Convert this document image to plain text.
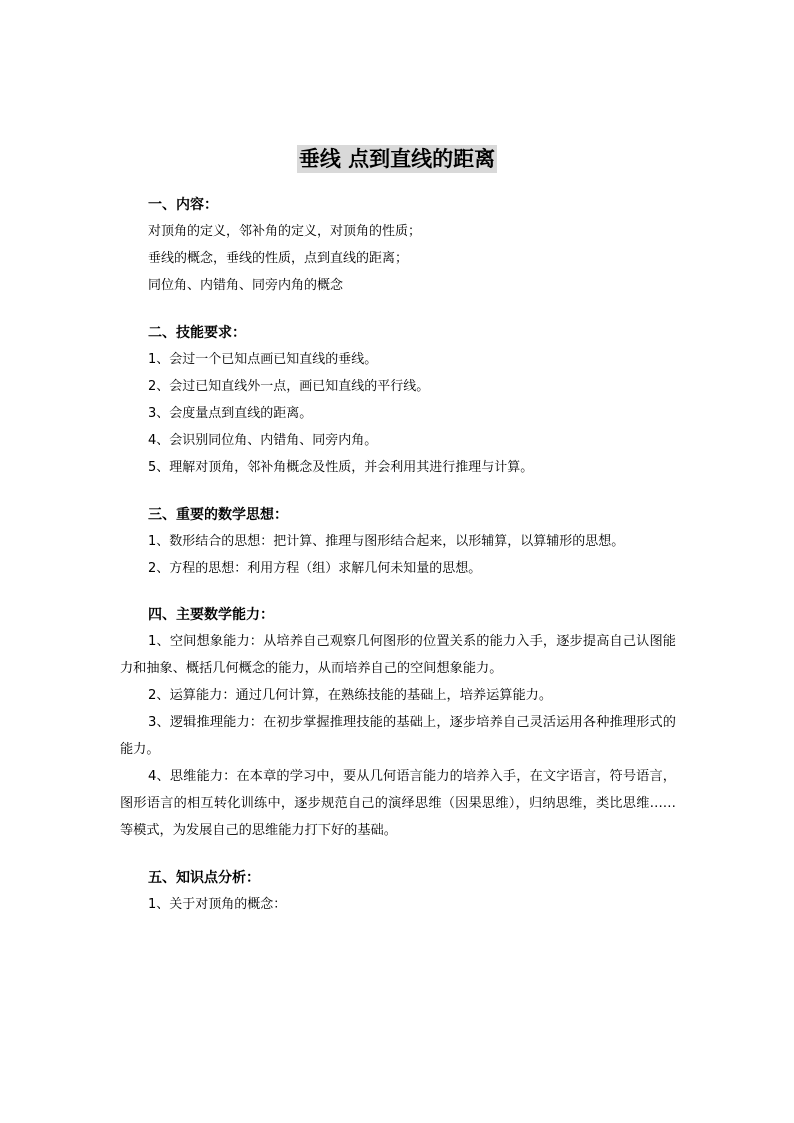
垂线 点到直线的距离

一、内容：

对顶角的定义，邻补角的定义，对顶角的性质；

垂线的概念，垂线的性质，点到直线的距离；

同位角、内错角、同旁内角的概念

二、技能要求：

1、会过一个已知点画已知直线的垂线。

2、会过已知直线外一点，画已知直线的平行线。

3、会度量点到直线的距离。

4、会识别同位角、内错角、同旁内角。

5、理解对顶角，邻补角概念及性质，并会利用其进行推理与计算。

三、重要的数学思想：

1、数形结合的思想：把计算、推理与图形结合起来，以形辅算，以算辅形的思想。

2、方程的思想：利用方程（组）求解几何未知量的思想。

四、主要数学能力：

1、空间想象能力：从培养自己观察几何图形的位置关系的能力入手，逐步提高自己认图能力和抽象、概括几何概念的能力，从而培养自己的空间想象能力。

2、运算能力：通过几何计算，在熟练技能的基础上，培养运算能力。

3、逻辑推理能力：在初步掌握推理技能的基础上，逐步培养自己灵活运用各种推理形式的能力。

4、思维能力：在本章的学习中，要从几何语言能力的培养入手，在文字语言，符号语言，图形语言的相互转化训练中，逐步规范自己的演绎思维（因果思维），归纳思维，类比思维……等模式，为发展自己的思维能力打下好的基础。

五、知识点分析：

1、关于对顶角的概念：
